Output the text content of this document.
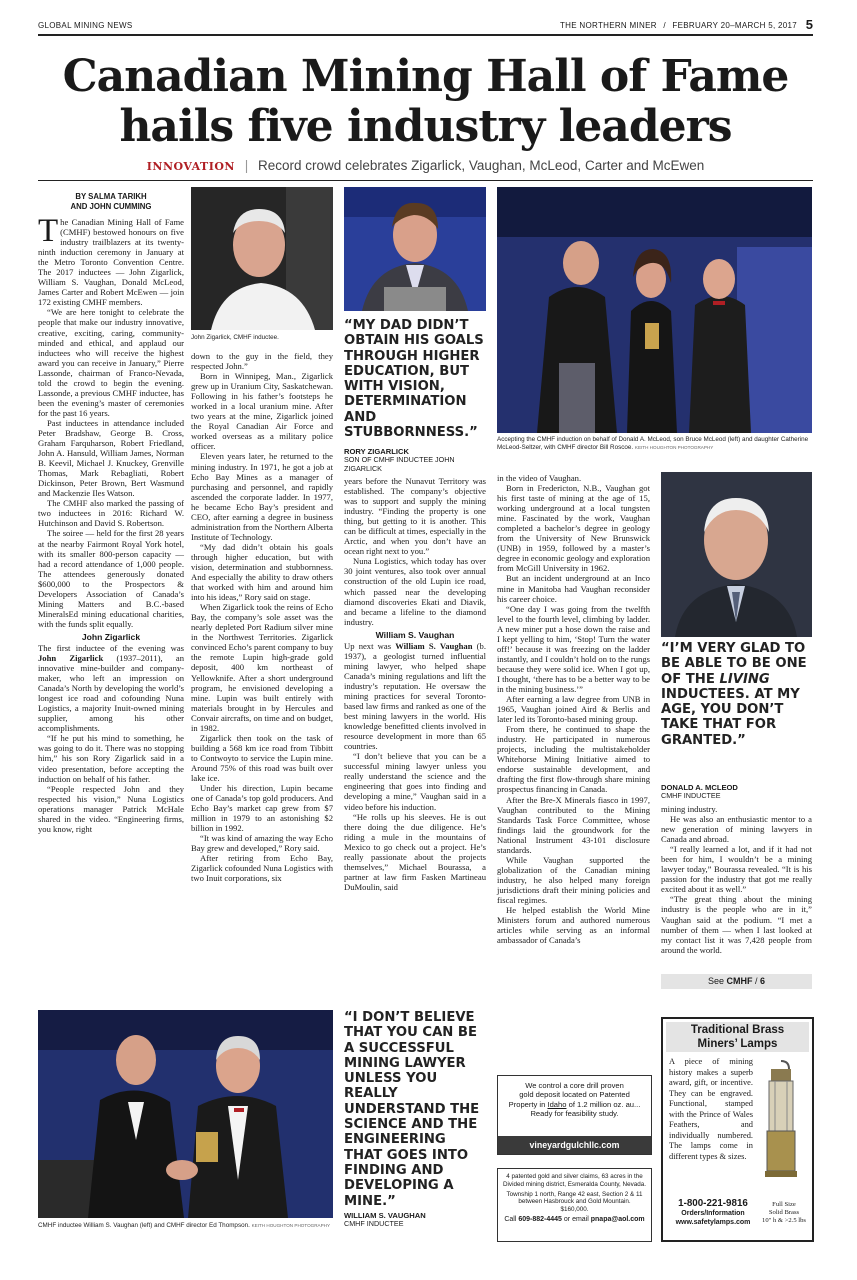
GLOBAL MINING NEWS	THE NORTHERN MINER / FEBRUARY 20–MARCH 5, 2017 5
Canadian Mining Hall of Fame
hails five industry leaders
INNOVATION | Record crowd celebrates Zigarlick, Vaughan, McLeod, Carter and McEwen
BY SALMA TARIKH
AND JOHN CUMMING

The Canadian Mining Hall of Fame (CMHF) bestowed honours on five industry trailblazers at its twenty-ninth induction ceremony in January at the Metro Toronto Convention Centre. The 2017 inductees — John Zigarlick, William S. Vaughan, Donald McLeod, James Carter and Robert McEwen — join 172 existing CMHF members.

“We are here tonight to celebrate the people that make our industry innovative, creative, exciting, caring, community-minded and ethical, and applaud our inductees who will receive the highest award you can receive in January,” Pierre Lassonde, chairman of Franco-Nevada, told the crowd to begin the evening. Lassonde, a previous CMHF inductee, has been the evening’s master of ceremonies for the past 16 years.

Past inductees in attendance included Peter Bradshaw, George B. Cross, Graham Farquharson, Robert Friedland, John A. Hansuld, William James, Norman B. Keevil, Michael J. Knuckey, Grenville Thomas, Mark Rebagliati, Robert Dickinson, Peter Brown, Bert Wasmund and Mackenzie Iles Watson.

The CMHF also marked the passing of two inductees in 2016: Richard W. Hutchinson and David S. Robertson.

The soiree — held for the first 28 years at the nearby Fairmont Royal York hotel, with its smaller 800-person capacity — had a record attendance of 1,000 people. The attendees generously donated $600,000 to the Prospectors & Developers Association of Canada’s Mining Matters and B.C.-based MineralsEd mining educational charities, with the funds split equally.

John Zigarlick

The first inductee of the evening was John Zigarlick (1937–2011), an innovative mine-builder and company-maker, who left an impression on Canada’s North by developing the world’s longest ice road and cofounding Nuna Logistics, a majority Inuit-owned mining supplier, among his other accomplishments.

“If he put his mind to something, he was going to do it. There was no stopping him,” his son Rory Zigarlick said in a video presentation, before accepting the induction on behalf of his father.

“People respected John and they respected his vision,” Nuna Logistics operations manager Patrick McHale shared in the video. “Engineering firms, you know, right

John Zigarlick, CMHF inductee.

down to the guy in the field, they respected John.”

Born in Winnipeg, Man., Zigarlick grew up in Uranium City, Saskatchewan. Following in his father’s footsteps he worked in a local uranium mine. After two years at the mine, Zigarlick joined the Royal Canadian Air Force and worked overseas as a military police officer.

Eleven years later, he returned to the mining industry. In 1971, he got a job at Echo Bay Mines as a manager of purchasing and personnel, and rapidly ascended the corporate ladder. In 1977, he became Echo Bay’s president and CEO, after earning a degree in business administration from the Northern Alberta Institute of Technology.

“My dad didn’t obtain his goals through higher education, but with vision, determination and stubbornness. And especially the ability to draw others that worked with him and around him into his ideas,” Rory said on stage.

When Zigarlick took the reins of Echo Bay, the company’s sole asset was the nearly depleted Port Radium silver mine in the Northwest Territories. Zigarlick convinced Echo’s parent company to buy the remote Lupin high-grade gold deposit, 400 km northeast of Yellowknife. After a short underground program, he envisioned developing a mine. Lupin was built entirely with materials brought in by Hercules and Convair aircrafts, on time and on budget, in 1982.

Zigarlick then took on the task of building a 568 km ice road from Tibbitt to Contwoyto to service the Lupin mine. Around 75% of this road was built over lake ice.

Under his direction, Lupin became one of Canada’s top gold producers. And Echo Bay’s market cap grew from $7 million in 1979 to an astonishing $2 billion in 1992.

“It was kind of amazing the way Echo Bay grew and developed,” Rory said.

After retiring from Echo Bay, Zigarlick cofounded Nuna Logistics with two Inuit corporations, six

“MY DAD DIDN’T OBTAIN HIS GOALS THROUGH HIGHER EDUCATION, BUT WITH VISION, DETERMINATION AND STUBBORNNESS.”
RORY ZIGARLICK
SON OF CMHF INDUCTEE JOHN ZIGARLICK

years before the Nunavut Territory was established. The company’s objective was to support and supply the mining industry. “Finding the property is one thing, but getting to it is another. This can be difficult at times, especially in the Arctic, and when you don’t have an ocean right next to you.”

Nuna Logistics, which today has over 30 joint ventures, also took over annual construction of the old Lupin ice road, which passed near the developing diamond discoveries Ekati and Diavik, and became a lifeline to the diamond industry.

William S. Vaughan

Up next was William S. Vaughan (b. 1937), a geologist turned influential mining lawyer, who helped shape Canada’s mining regulations and lift the industry’s reputation. He oversaw the mining practices for several Toronto-based law firms and ranked as one of the best mining lawyers in the world. His knowledge benefitted clients involved in resource development in more than 65 countries.

“I don’t believe that you can be a successful mining lawyer unless you really understand the science and the engineering that goes into finding and developing a mine,” Vaughan said in a video before his induction.

“He rolls up his sleeves. He is out there doing the due diligence. He’s riding a mule in the mountains of Mexico to go check out a project. He’s really passionate about the projects themselves,” Michael Bourassa, a partner at law firm Fasken Martineau DuMoulin, said

Accepting the CMHF induction on behalf of Donald A. McLeod, son Bruce McLeod (left) and daughter Catherine McLeod-Seltzer, with CMHF director Bill Roscoe. KEITH HOUGHTON PHOTOGRAPHY

in the video of Vaughan.

Born in Fredericton, N.B., Vaughan got his first taste of mining at the age of 15, working underground at a local tungsten mine. Fascinated by the work, Vaughan completed a bachelor’s degree in geology from the University of New Brunswick (UNB) in 1959, followed by a master’s degree in economic geology and exploration from McGill University in 1962.

But an incident underground at an Inco mine in Manitoba had Vaughan reconsider his career choice.

“One day I was going from the twelfth level to the fourth level, climbing by ladder. A new miner put a hose down the raise and I kept yelling to him, ‘Stop! Turn the water off!’ because it was freezing on the ladder instantly, and I couldn’t hold on to the rungs because they were solid ice. When I got up, I thought, ‘there has to be a better way to be in the mining business.’”

After earning a law degree from UNB in 1965, Vaughan joined Aird & Berlis and later led its Toronto-based mining group.

From there, he continued to shape the industry. He participated in numerous projects, including the multistakeholder Whitehorse Mining Initiative aimed to endorse sustainable development, and drafting the first flow-through share mining prospectus financing in Canada.

After the Bre-X Minerals fiasco in 1997, Vaughan contributed to the Mining Standards Task Force Committee, whose findings laid the groundwork for the National Instrument 43-101 disclosure standards.

While Vaughan supported the globalization of the Canadian mining industry, he also helped many foreign jurisdictions draft their mining policies and fiscal regimes.

He helped establish the World Mine Ministers forum and authored numerous articles while serving as an informal ambassador of Canada’s

“I’M VERY GLAD TO BE ABLE TO BE ONE OF THE LIVING INDUCTEES. AT MY AGE, YOU DON’T TAKE THAT FOR GRANTED.”
DONALD A. MCLEOD
CMHF INDUCTEE

mining industry.

He was also an enthusiastic mentor to a new generation of mining lawyers in Canada and abroad.

“I really learned a lot, and if it had not been for him, I wouldn’t be a mining lawyer today,” Bourassa revealed. “It is his passion for the industry that got me really excited about it as well.”

“The great thing about the mining industry is the people who are in it,” Vaughan said at the podium. “I met a number of them — when I last looked at my contact list it was 7,428 people from around the world.

See CMHF / 6
CMHF inductee William S. Vaughan (left) and CMHF director Ed Thompson. KEITH HOUGHTON PHOTOGRAPHY
“I DON’T BELIEVE THAT YOU CAN BE A SUCCESSFUL MINING LAWYER UNLESS YOU REALLY UNDERSTAND THE SCIENCE AND THE ENGINEERING THAT GOES INTO FINDING AND DEVELOPING A MINE.”
WILLIAM S. VAUGHAN
CMHF INDUCTEE
We control a core drill proven
gold deposit located on Patented
Property in Idaho of 1.2 million oz. au...
Ready for feasibility study.
vineyardgulchllc.com
4 patented gold and silver claims, 63 acres in the Divided mining district, Esmeralda County, Nevada.
Township 1 north, Range 42 east, Section 2 & 11 between Hasbrouck and Gold Mountain. $160,000.
Call 609-882-4445 or email pnapa@aol.com
Traditional Brass
Miners’ Lamps
A piece of mining history makes a superb award, gift, or incentive. They can be engraved. Functional, stamped with the Prince of Wales Feathers, and individually numbered. The lamps come in different types & sizes.
1-800-221-9816
Orders/Information
www.safetylamps.com
Full Size
Solid Brass
10" h & >2.5 lbs
